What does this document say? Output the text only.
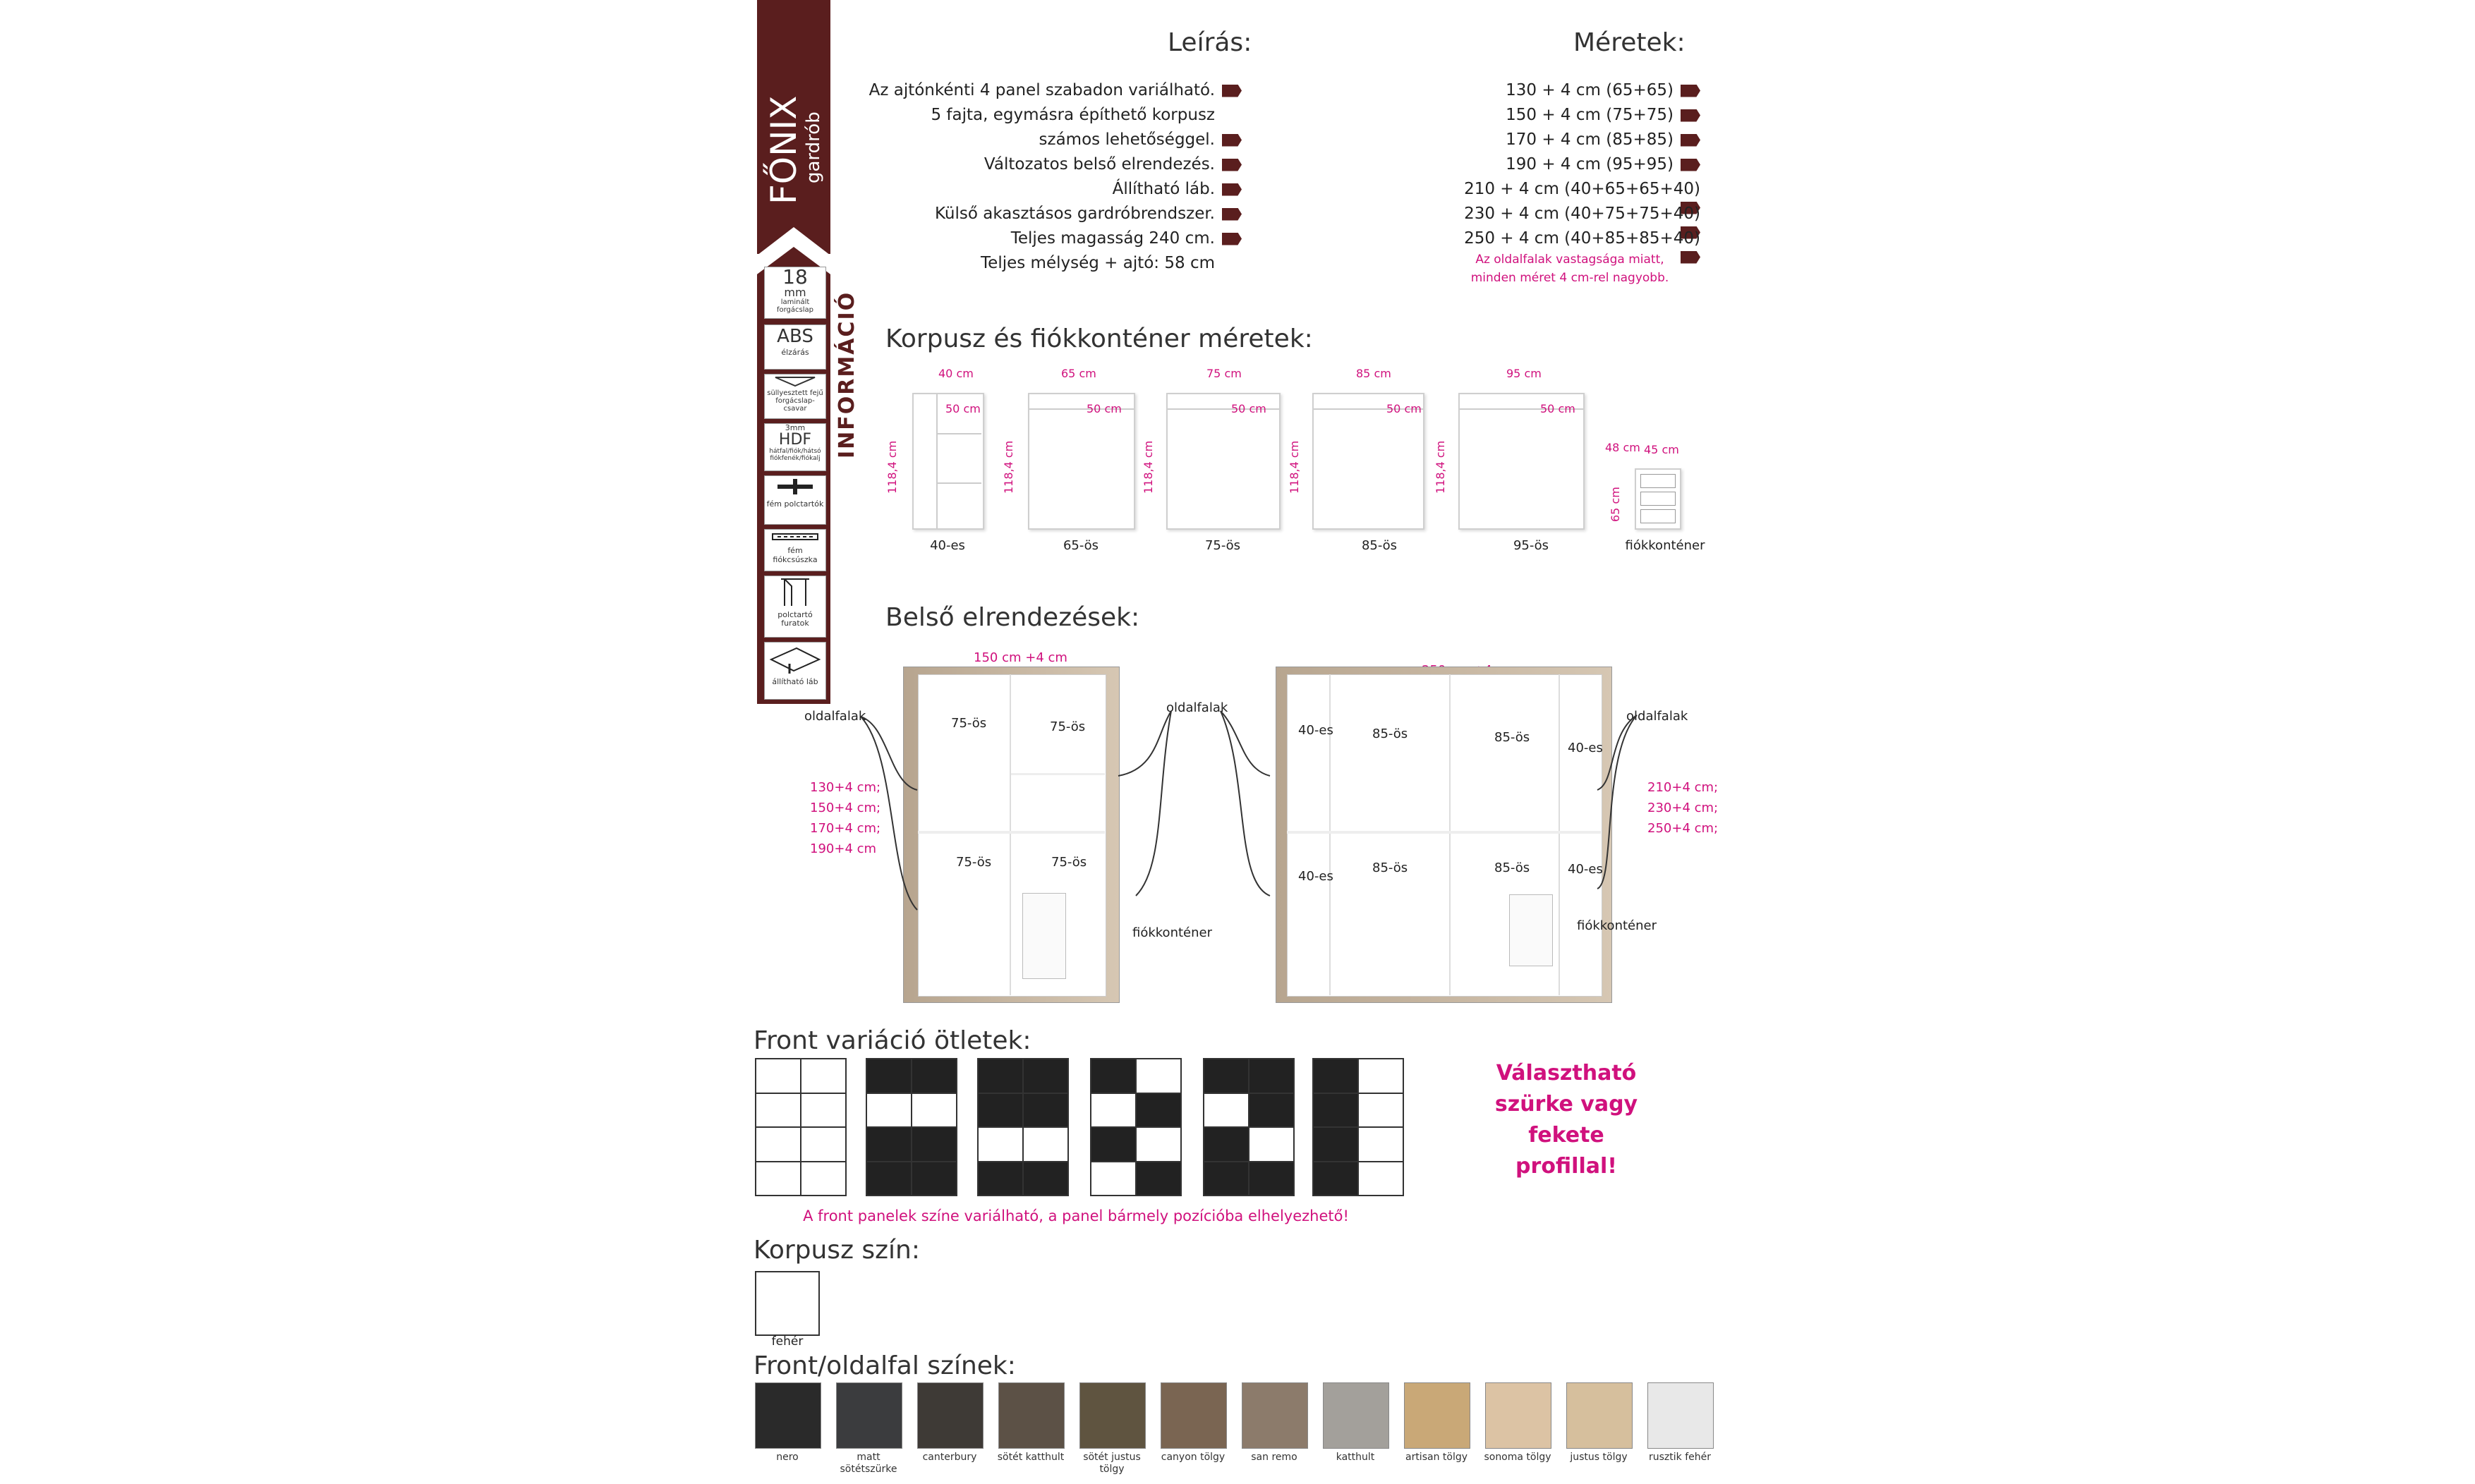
FŐNIX
gardrób
INFORMÁCIÓ
18
mm
laminált forgácslap
ABS
élzárás
süllyesztett fejű forgácslap-csavar
3mm
HDF
hátfal/fiók/hátsó fiókfenék/fiókalj
fém polctartók
fém fiókcsúszka
polctartó furatok
állítható láb
Leírás:
Az ajtónkénti 4 panel szabadon variálható.
5 fajta, egymásra építhető korpusz
számos lehetőséggel.
Változatos belső elrendezés.
Állítható láb.
Külső akasztásos gardróbrendszer.
Teljes magasság 240 cm.
Teljes mélység + ajtó: 58 cm
Méretek:
130 + 4 cm (65+65)
150 + 4 cm (75+75)
170 + 4 cm (85+85)
190 + 4 cm (95+95)
210 + 4 cm (40+65+65+40)
230 + 4 cm (40+75+75+40)
250 + 4 cm (40+85+85+40)
Az oldalfalak vastagsága miatt,
minden méret 4 cm-rel nagyobb.
Korpusz és fiókkonténer méretek:
40 cm
50 cm
118,4 cm
40-es
65 cm
50 cm
118,4 cm
65-ös
75 cm
50 cm
118,4 cm
75-ös
85 cm
50 cm
118,4 cm
85-ös
95 cm
50 cm
118,4 cm
95-ös
48 cm 45 cm
65 cm
fiókkonténer
Belső elrendezések:
150 cm +4 cm
75-ös	75-ös
75-ös	75-ös
oldalfalak
130+4 cm;
150+4 cm;
170+4 cm;
190+4 cm
oldalfalak
fiókkonténer
40-es	85-ös	85-ös
40-es
40-es
85-ös	85-ös	40-es
oldalfalak
210+4 cm;
230+4 cm;
250+4 cm;
fiókkonténer
Front variáció ötletek:
Választható
szürke vagy fekete
profillal!
A front panelek színe variálható, a panel bármely pozícióba elhelyezhető!
Korpusz szín:
fehér
Front/oldalfal színek:
nero	matt sötétszürke
canterbury	sötét katthult	sötét justus tölgy
canyon tölgy	san remo	katthult	artisan tölgy	sonoma tölgy	justus tölgy	rusztik fehér
